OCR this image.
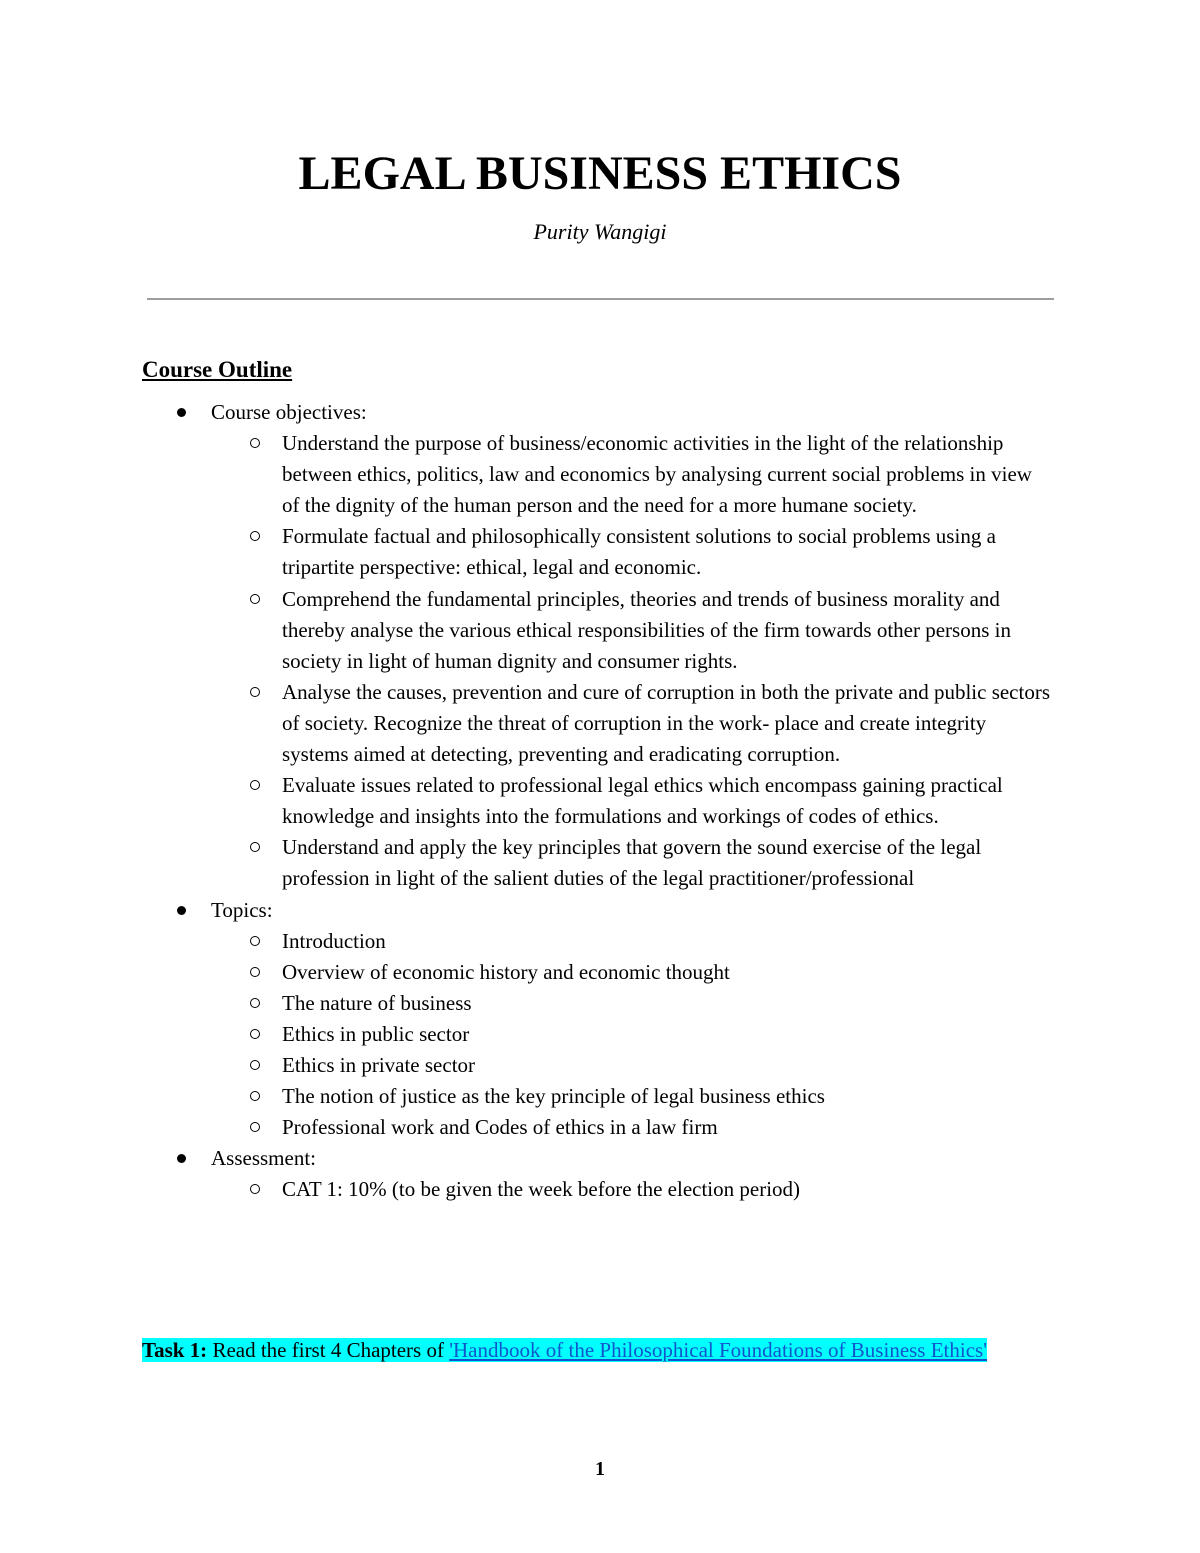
LEGAL BUSINESS ETHICS
Purity Wangigi
Course Outline
Course objectives:
Understand the purpose of business/economic activities in the light of the relationship between ethics, politics, law and economics by analysing current social problems in view of the dignity of the human person and the need for a more humane society.
Formulate factual and philosophically consistent solutions to social problems using a tripartite perspective: ethical, legal and economic.
Comprehend the fundamental principles, theories and trends of business morality and thereby analyse the various ethical responsibilities of the firm towards other persons in society in light of human dignity and consumer rights.
Analyse the causes, prevention and cure of corruption in both the private and public sectors of society. Recognize the threat of corruption in the work- place and create integrity systems aimed at detecting, preventing and eradicating corruption.
Evaluate issues related to professional legal ethics which encompass gaining practical knowledge and insights into the formulations and workings of codes of ethics.
Understand and apply the key principles that govern the sound exercise of the legal profession in light of the salient duties of the legal practitioner/professional
Topics:
Introduction
Overview of economic history and economic thought
The nature of business
Ethics in public sector
Ethics in private sector
The notion of justice as the key principle of legal business ethics
Professional work and Codes of ethics in a law firm
Assessment:
CAT 1: 10% (to be given the week before the election period)
Task 1: Read the first 4 Chapters of 'Handbook of the Philosophical Foundations of Business Ethics'
1
